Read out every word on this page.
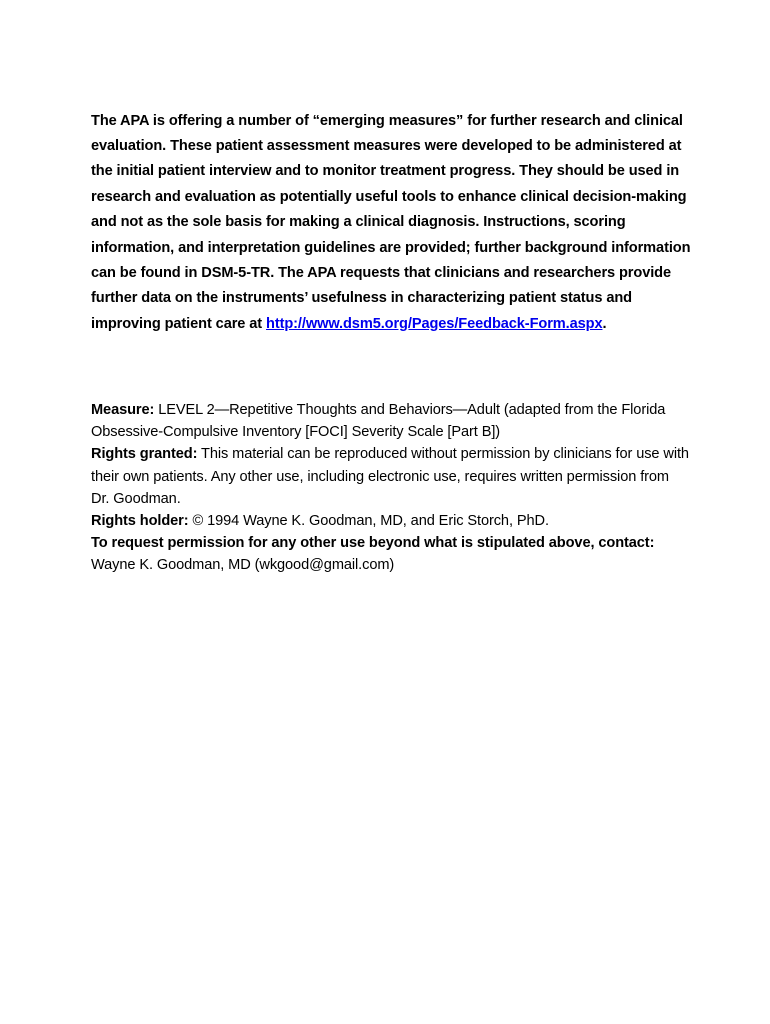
The APA is offering a number of “emerging measures” for further research and clinical evaluation. These patient assessment measures were developed to be administered at the initial patient interview and to monitor treatment progress. They should be used in research and evaluation as potentially useful tools to enhance clinical decision-making and not as the sole basis for making a clinical diagnosis. Instructions, scoring information, and interpretation guidelines are provided; further background information can be found in DSM-5-TR. The APA requests that clinicians and researchers provide further data on the instruments’ usefulness in characterizing patient status and improving patient care at http://www.dsm5.org/Pages/Feedback-Form.aspx.

Measure: LEVEL 2—Repetitive Thoughts and Behaviors—Adult (adapted from the Florida Obsessive-Compulsive Inventory [FOCI] Severity Scale [Part B])
Rights granted: This material can be reproduced without permission by clinicians for use with their own patients. Any other use, including electronic use, requires written permission from Dr. Goodman.
Rights holder: © 1994 Wayne K. Goodman, MD, and Eric Storch, PhD.
To request permission for any other use beyond what is stipulated above, contact: Wayne K. Goodman, MD (wkgood@gmail.com)
